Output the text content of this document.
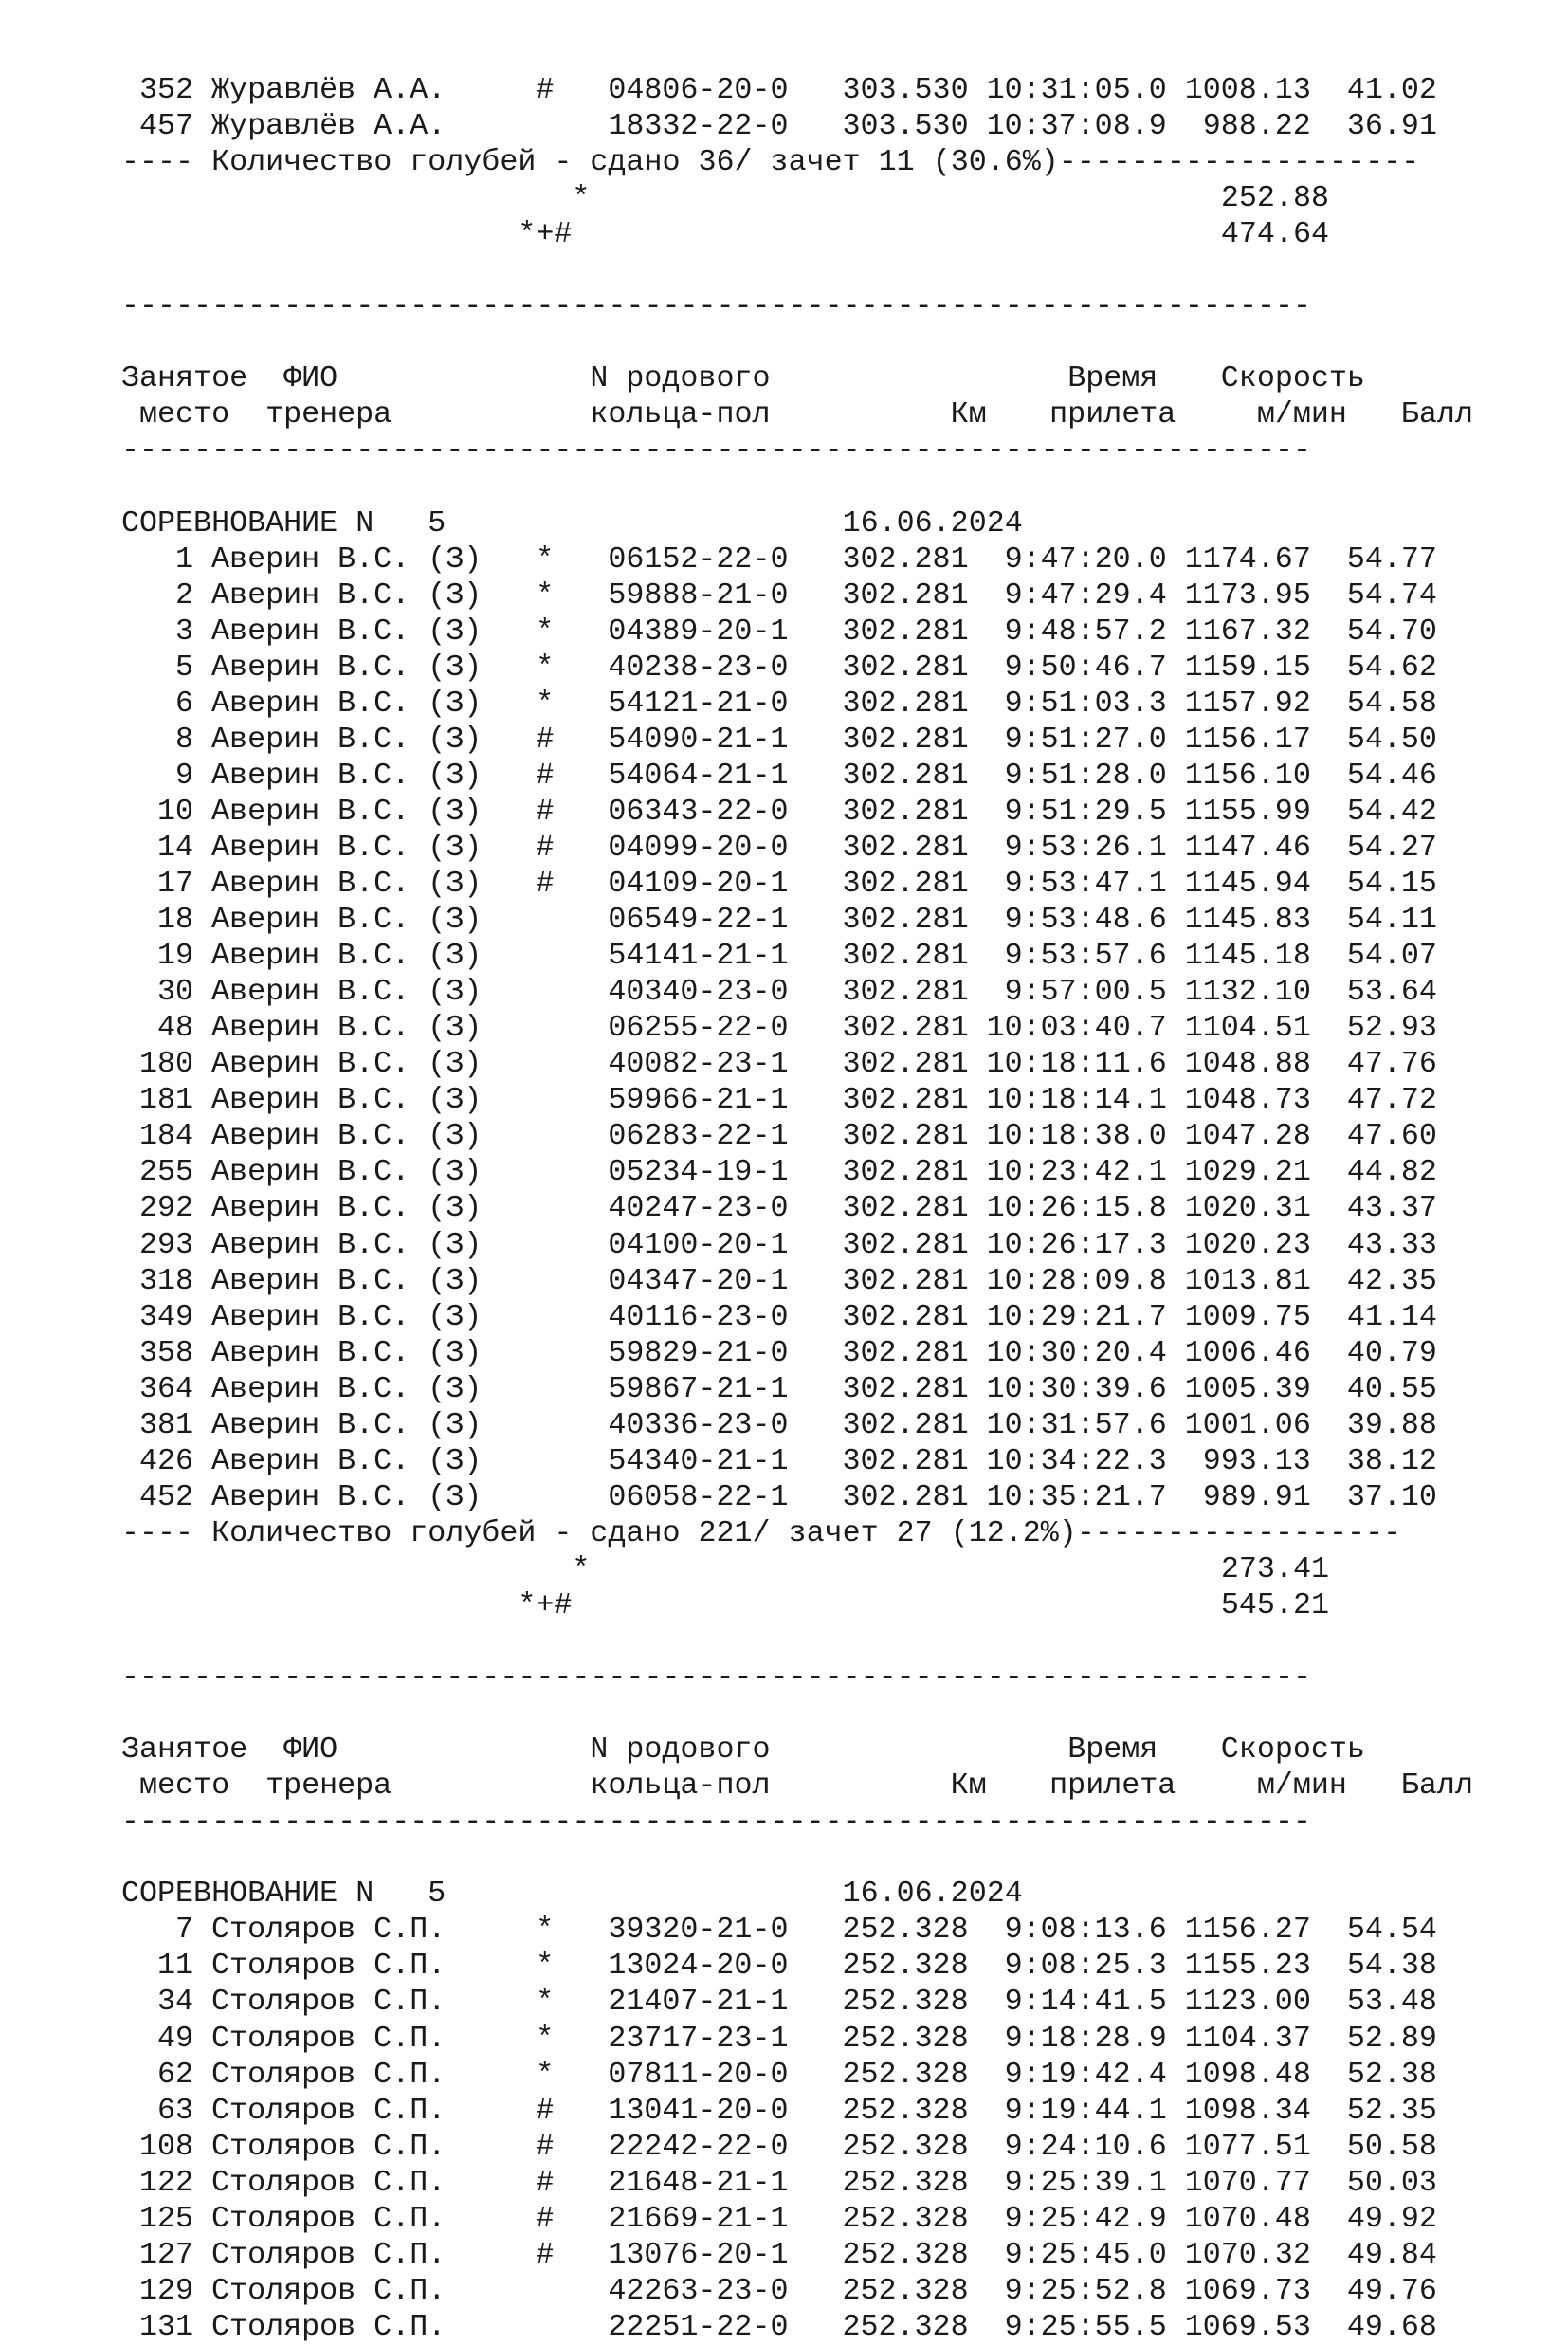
352 Журавлёв А.А.	# 04806-20-0 303.530 10:31:05.0 1008.13 41.02
457 Журавлёв А.А.	18332-22-0 303.530 10:37:08.9 988.22 36.91
---- Количество голубей - сдано 36/ зачет 11 (30.6%)--------------------
*	252.88
*+#	474.64
------------------------------------------------------------------
Занятое ФИО	N родового	Время Скорость
место тренера	кольца-пол	Км прилета	м/мин Балл
------------------------------------------------------------------
СОРЕВНОВАНИЕ N   5	16.06.2024
1 Аверин В.С. (З) * 06152-22-0 302.281 9:47:20.0 1174.67 54.77
2 Аверин В.С. (З) * 59888-21-0 302.281 9:47:29.4 1173.95 54.74
3 Аверин В.С. (З) * 04389-20-1 302.281 9:48:57.2 1167.32 54.70
5 Аверин В.С. (З) * 40238-23-0 302.281 9:50:46.7 1159.15 54.62
6 Аверин В.С. (З) * 54121-21-0 302.281 9:51:03.3 1157.92 54.58
8 Аверин В.С. (З) # 54090-21-1 302.281 9:51:27.0 1156.17 54.50
9 Аверин В.С. (З) # 54064-21-1 302.281 9:51:28.0 1156.10 54.46
10 Аверин В.С. (З) # 06343-22-0 302.281 9:51:29.5 1155.99 54.42
14 Аверин В.С. (З) # 04099-20-0 302.281 9:53:26.1 1147.46 54.27
17 Аверин В.С. (З) # 04109-20-1 302.281 9:53:47.1 1145.94 54.15
18 Аверин В.С. (З)	06549-22-1 302.281 9:53:48.6 1145.83 54.11
19 Аверин В.С. (З)	54141-21-1 302.281 9:53:57.6 1145.18 54.07
30 Аверин В.С. (З)	40340-23-0 302.281 9:57:00.5 1132.10 53.64
48 Аверин В.С. (З)	06255-22-0 302.281 10:03:40.7 1104.51 52.93
180 Аверин В.С. (З)	40082-23-1 302.281 10:18:11.6 1048.88 47.76
181 Аверин В.С. (З)	59966-21-1 302.281 10:18:14.1 1048.73 47.72
184 Аверин В.С. (З)	06283-22-1 302.281 10:18:38.0 1047.28 47.60
255 Аверин В.С. (З)	05234-19-1 302.281 10:23:42.1 1029.21 44.82
292 Аверин В.С. (З)	40247-23-0 302.281 10:26:15.8 1020.31 43.37
293 Аверин В.С. (З)	04100-20-1 302.281 10:26:17.3 1020.23 43.33
318 Аверин В.С. (З)	04347-20-1 302.281 10:28:09.8 1013.81 42.35
349 Аверин В.С. (З)	40116-23-0 302.281 10:29:21.7 1009.75 41.14
358 Аверин В.С. (З)	59829-21-0 302.281 10:30:20.4 1006.46 40.79
364 Аверин В.С. (З)	59867-21-1 302.281 10:30:39.6 1005.39 40.55
381 Аверин В.С. (З)	40336-23-0 302.281 10:31:57.6 1001.06 39.88
426 Аверин В.С. (З)	54340-21-1 302.281 10:34:22.3 993.13 38.12
452 Аверин В.С. (З)	06058-22-1 302.281 10:35:21.7 989.91 37.10
---- Количество голубей - сдано 221/ зачет 27 (12.2%)------------------
*	273.41
*+#	545.21
------------------------------------------------------------------
Занятое ФИО	N родового	Время Скорость
место тренера	кольца-пол	Км прилета	м/мин Балл
------------------------------------------------------------------
СОРЕВНОВАНИЕ N   5	16.06.2024
7 Столяров С.П.	* 39320-21-0 252.328 9:08:13.6 1156.27 54.54
11 Столяров С.П.	* 13024-20-0 252.328 9:08:25.3 1155.23 54.38
34 Столяров С.П.	* 21407-21-1 252.328 9:14:41.5 1123.00 53.48
49 Столяров С.П.	* 23717-23-1 252.328 9:18:28.9 1104.37 52.89
62 Столяров С.П.	* 07811-20-0 252.328 9:19:42.4 1098.48 52.38
63 Столяров С.П.	# 13041-20-0 252.328 9:19:44.1 1098.34 52.35
108 Столяров С.П.	# 22242-22-0 252.328 9:24:10.6 1077.51 50.58
122 Столяров С.П.	# 21648-21-1 252.328 9:25:39.1 1070.77 50.03
125 Столяров С.П.	# 21669-21-1 252.328 9:25:42.9 1070.48 49.92
127 Столяров С.П.	# 13076-20-1 252.328 9:25:45.0 1070.32 49.84
129 Столяров С.П.	42263-23-0 252.328 9:25:52.8 1069.73 49.76
131 Столяров С.П.	22251-22-0 252.328 9:25:55.5 1069.53 49.68
